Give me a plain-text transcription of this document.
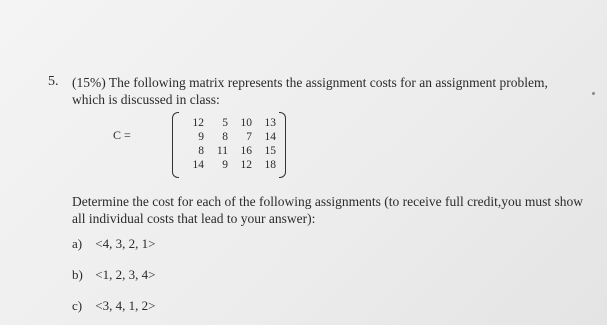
5. (15%) The following matrix represents the assignment costs for an assignment problem, which is discussed in class:
C =
12	5	10	13
9	8	7	14
8	11	16	15
14	9	12	18
Determine the cost for each of the following assignments (to receive full credit,you must show all individual costs that lead to your answer):
a) <4, 3, 2, 1>
b) <1, 2, 3, 4>
c) <3, 4, 1, 2>
